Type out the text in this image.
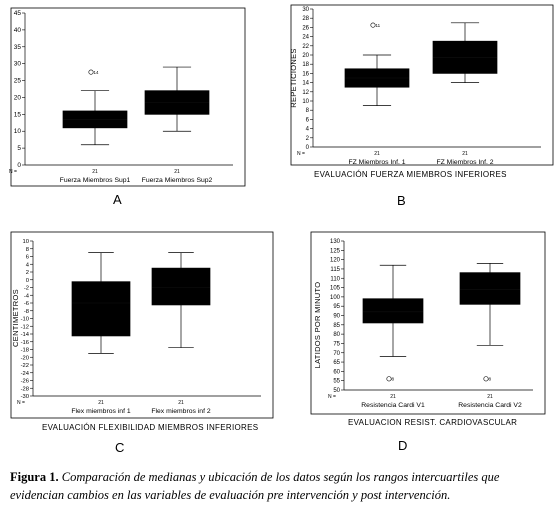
0
5
10
15
20
25
30
35
40
45
N =	21
Fuerza Miembros Sup1
21
Fuerza Miembros Sup2
14
A
0
2
4
6
8
10
12
14
16
18
20
22
24
26
28
30
REPETICIONES
N =	21
FZ Miembros Inf. 1
21
FZ Miembros Inf. 2
11
EVALUACIÓN FUERZA MIEMBROS INFERIORES
B
-30
-28
-26
-24
-22
-20
-18
-16
-14
-12
-10
-8
-6
-4
-2
0
2
4
6
8
10
CENTIMETROS
N =	21
Flex miembros inf 1
21
Flex miembros inf 2
EVALUACIÓN FLEXIBILIDAD MIEMBROS INFERIORES
C
50
55
60
65
70
75
80
85
90
95
100
105
110
115
120
125
130
LATIDOS POR MINUTO
N =	21
Resistencia Cardi V1
21
Resistencia Cardi V2
8	8
EVALUACION RESIST. CARDIOVASCULAR
D
Figura 1. Comparación de medianas y ubicación de los datos según los rangos intercuartiles que evidencian cambios en las variables de evaluación pre intervención y post intervención.
